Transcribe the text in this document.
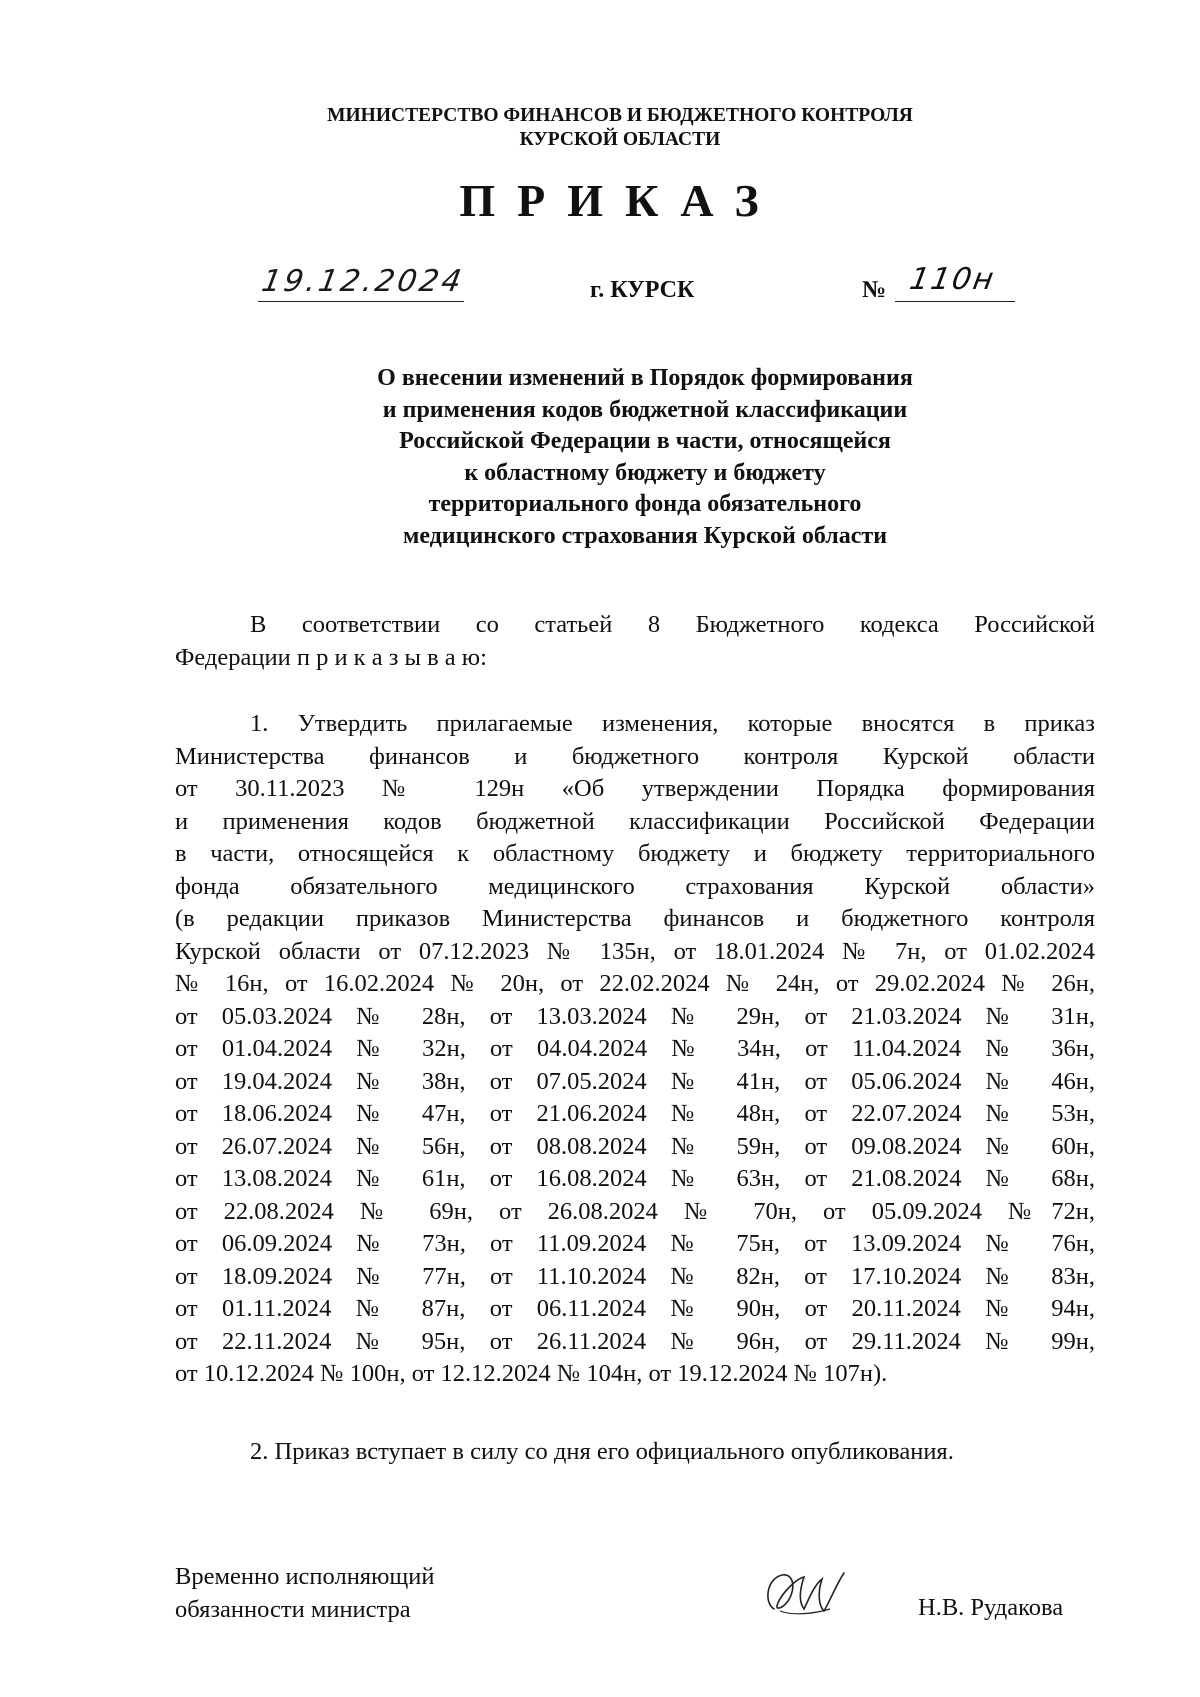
МИНИСТЕРСТВО ФИНАНСОВ И БЮДЖЕТНОГО КОНТРОЛЯ
КУРСКОЙ ОБЛАСТИ
ПРИКАЗ
19.12.2024	г. КУРСК	№ 110н
О внесении изменений в Порядок формирования
и применения кодов бюджетной классификации
Российской Федерации в части, относящейся
к областному бюджету и бюджету
территориального фонда обязательного
медицинского страхования Курской области
В соответствии со статьей 8 Бюджетного кодекса Российской
Федерации п р и к а з ы в а ю:
1. Утвердить прилагаемые изменения, которые вносятся в приказ
Министерства финансов и бюджетного контроля Курской области
от 30.11.2023 № 129н «Об утверждении Порядка формирования
и применения кодов бюджетной классификации Российской Федерации
в части, относящейся к областному бюджету и бюджету территориального
фонда обязательного медицинского страхования Курской области»
(в редакции приказов Министерства финансов и бюджетного контроля
Курской области от 07.12.2023 № 135н, от 18.01.2024 № 7н, от 01.02.2024
№ 16н, от 16.02.2024 № 20н, от 22.02.2024 № 24н, от 29.02.2024 № 26н,
от 05.03.2024 № 28н, от 13.03.2024 № 29н, от 21.03.2024 № 31н,
от 01.04.2024 № 32н, от 04.04.2024 № 34н, от 11.04.2024 № 36н,
от 19.04.2024 № 38н, от 07.05.2024 № 41н, от 05.06.2024 № 46н,
от 18.06.2024 № 47н, от 21.06.2024 № 48н, от 22.07.2024 № 53н,
от 26.07.2024 № 56н, от 08.08.2024 № 59н, от 09.08.2024 № 60н,
от 13.08.2024 № 61н, от 16.08.2024 № 63н, от 21.08.2024 № 68н,
от 22.08.2024 № 69н, от 26.08.2024 № 70н, от 05.09.2024 №72н,
от 06.09.2024 № 73н, от 11.09.2024 № 75н, от 13.09.2024 № 76н,
от 18.09.2024 № 77н, от 11.10.2024 № 82н, от 17.10.2024 № 83н,
от 01.11.2024 № 87н, от 06.11.2024 № 90н, от 20.11.2024 № 94н,
от 22.11.2024 № 95н, от 26.11.2024 № 96н, от 29.11.2024 № 99н,
от 10.12.2024 № 100н, от 12.12.2024 № 104н, от 19.12.2024 № 107н).
2. Приказ вступает в силу со дня его официального опубликования.
Временно исполняющий
обязанности министра	Н.В. Рудакова
